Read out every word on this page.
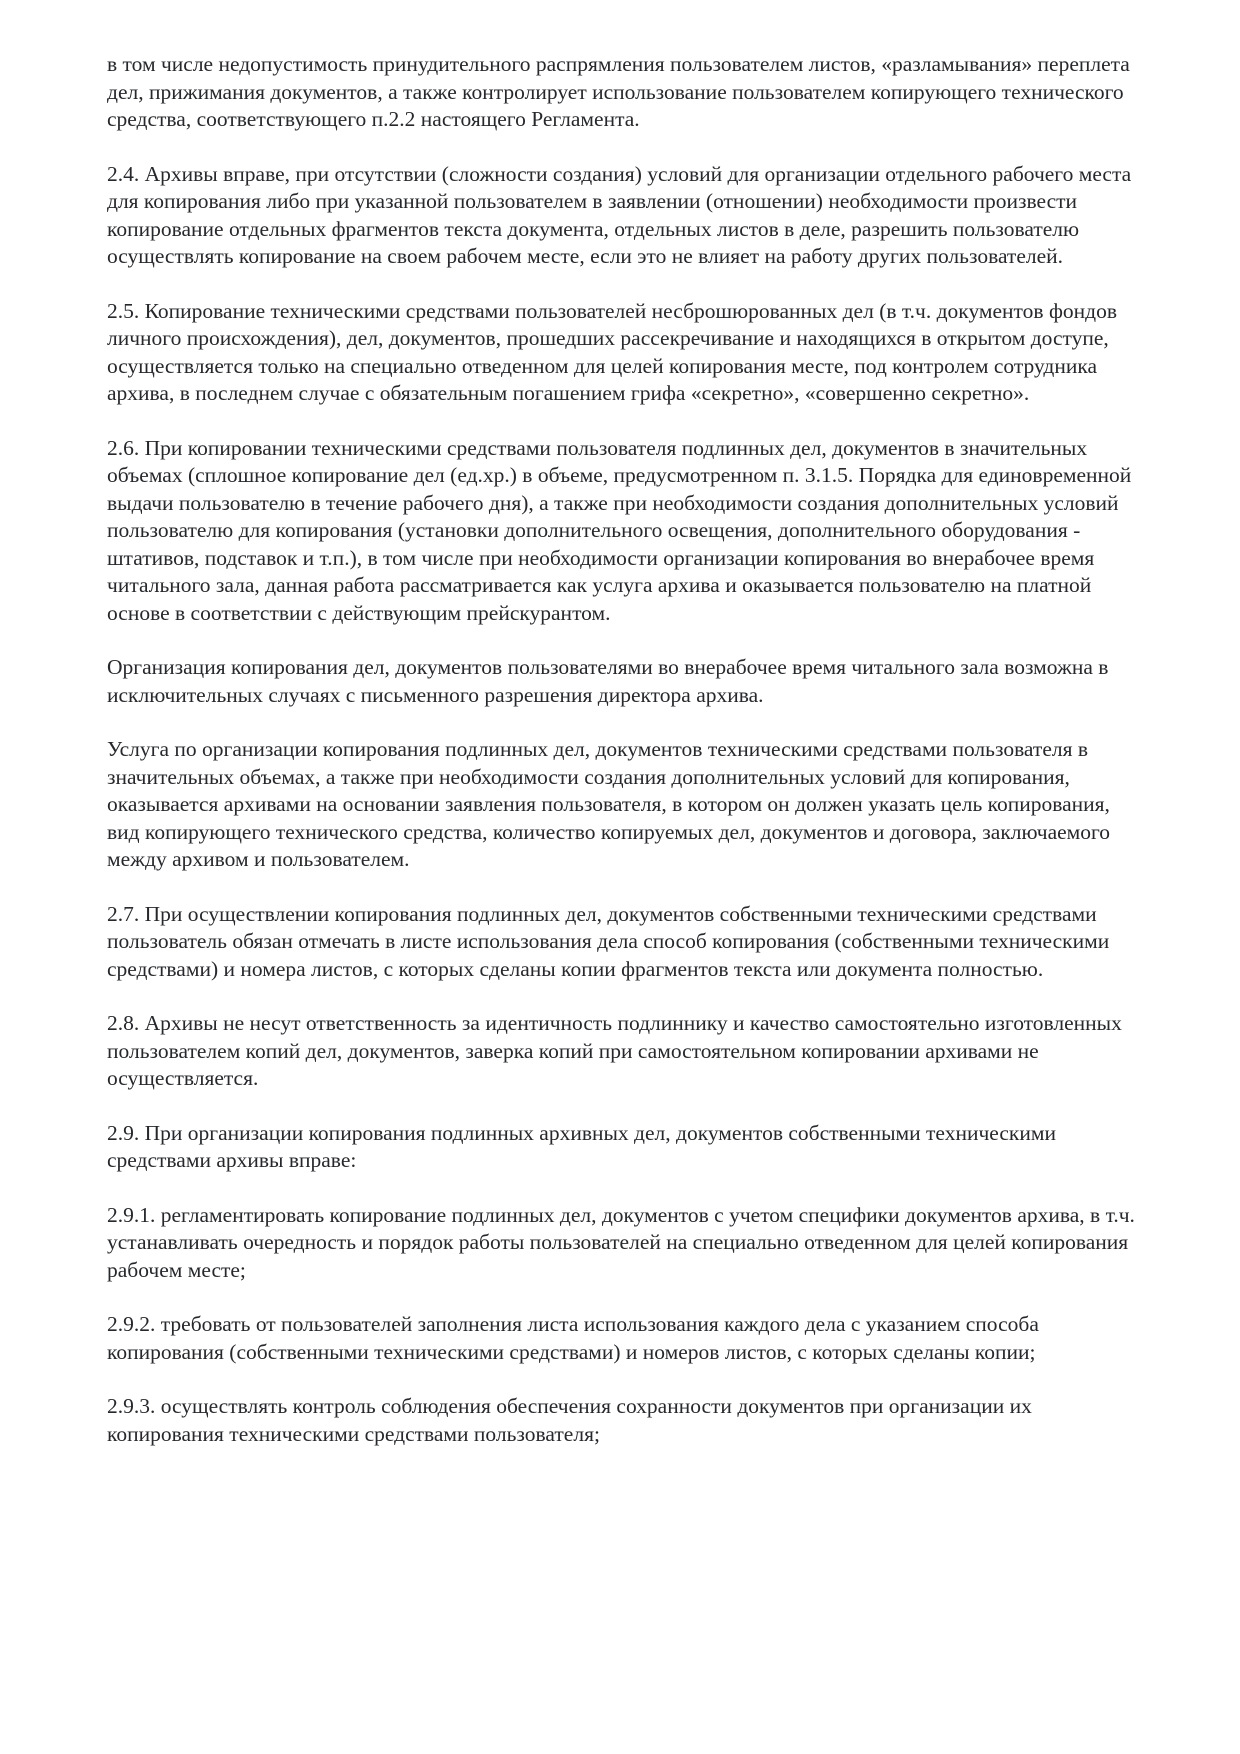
в том числе недопустимость принудительного распрямления пользователем листов, «разламывания» переплета дел, прижимания документов, а также контролирует использование пользователем копирующего технического средства, соответствующего п.2.2 настоящего Регламента.

2.4. Архивы вправе, при отсутствии (сложности создания) условий для организации отдельного рабочего места для копирования либо при указанной пользователем в заявлении (отношении) необходимости произвести копирование отдельных фрагментов текста документа, отдельных листов в деле, разрешить пользователю осуществлять копирование на своем рабочем месте, если это не влияет на работу других пользователей.

2.5. Копирование техническими средствами пользователей несброшюрованных дел (в т.ч. документов фондов личного происхождения), дел, документов, прошедших рассекречивание и находящихся в открытом доступе, осуществляется только на специально отведенном для целей копирования месте, под контролем сотрудника архива, в последнем случае с обязательным погашением грифа «секретно», «совершенно секретно».

2.6. При копировании техническими средствами пользователя подлинных дел, документов в значительных объемах (сплошное копирование дел (ед.хр.) в объеме, предусмотренном п. 3.1.5. Порядка для единовременной выдачи пользователю в течение рабочего дня), а также при необходимости создания дополнительных условий пользователю для копирования (установки дополнительного освещения, дополнительного оборудования - штативов, подставок и т.п.), в том числе при необходимости организации копирования во внерабочее время читального зала, данная работа рассматривается как услуга архива и оказывается пользователю на платной основе в соответствии с действующим прейскурантом.

Организация копирования дел, документов пользователями во внерабочее время читального зала возможна в исключительных случаях с письменного разрешения директора архива.

Услуга по организации копирования подлинных дел, документов техническими средствами пользователя в значительных объемах, а также при необходимости создания дополнительных условий для копирования, оказывается архивами на основании заявления пользователя, в котором он должен указать цель копирования, вид копирующего технического средства, количество копируемых дел, документов и договора, заключаемого между архивом и пользователем.

2.7. При осуществлении копирования подлинных дел, документов собственными техническими средствами пользователь обязан отмечать в листе использования дела способ копирования (собственными техническими средствами) и номера листов, с которых сделаны копии фрагментов текста или документа полностью.

2.8. Архивы не несут ответственность за идентичность подлиннику и качество самостоятельно изготовленных пользователем копий дел, документов, заверка копий при самостоятельном копировании архивами не осуществляется.

2.9. При организации копирования подлинных архивных дел, документов собственными техническими средствами архивы вправе:

2.9.1. регламентировать копирование подлинных дел, документов с учетом специфики документов архива, в т.ч. устанавливать очередность и порядок работы пользователей на специально отведенном для целей копирования рабочем месте;

2.9.2. требовать от пользователей заполнения листа использования каждого дела с указанием способа копирования (собственными техническими средствами) и номеров листов, с которых сделаны копии;

2.9.3. осуществлять контроль соблюдения обеспечения сохранности документов при организации их копирования техническими средствами пользователя;
